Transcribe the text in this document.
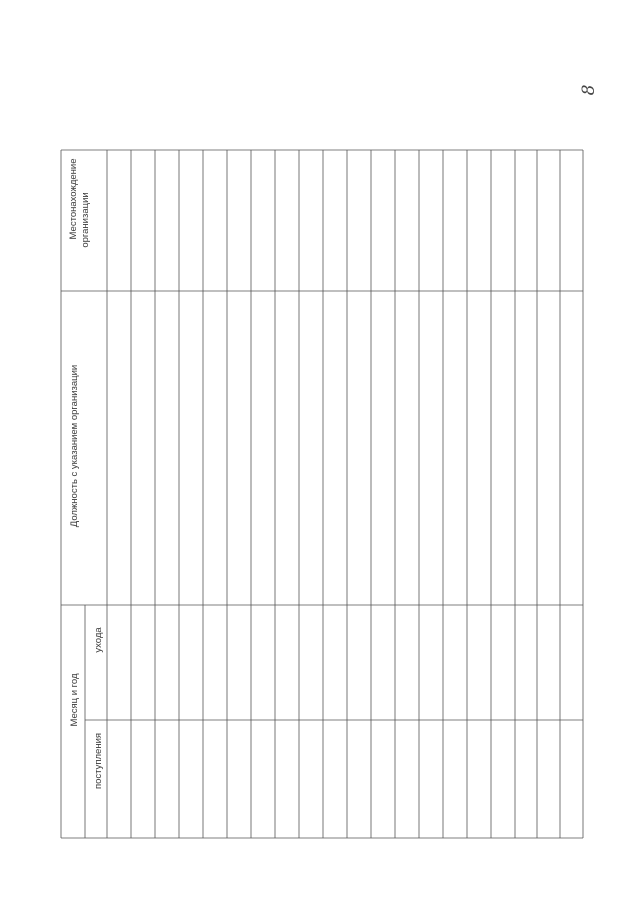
8
Месяц и год
поступления
ухода
Должность с указанием организации
Местонахождение организации
